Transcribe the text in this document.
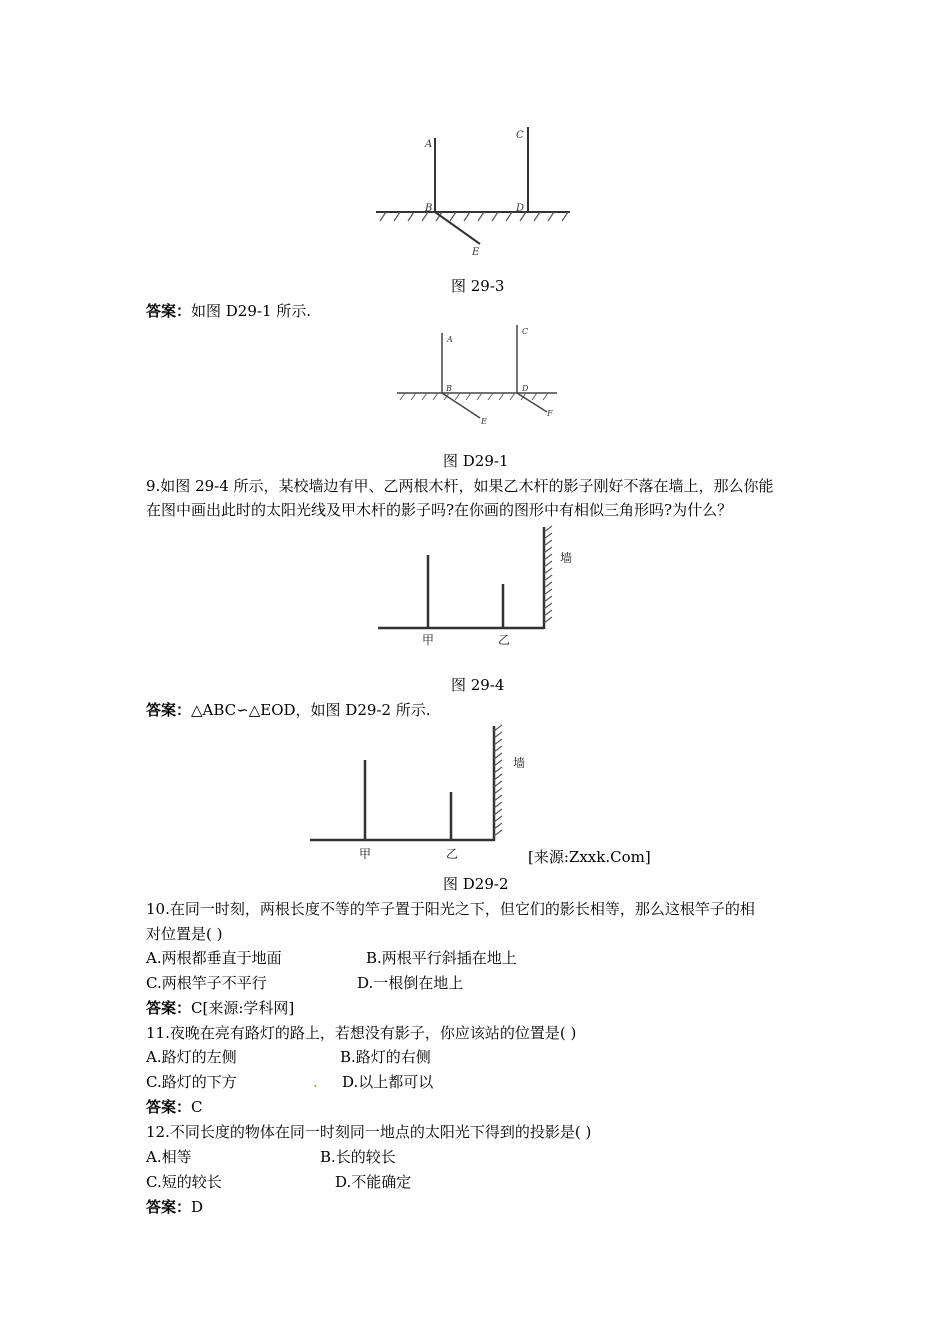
A
B
C
D
E
图 29-3
答案：如图 D29-1 所示.
A
B
C
D
E
F
图 D29-1
9.如图 29-4 所示，某校墙边有甲、乙两根木杆，如果乙木杆的影子刚好不落在墙上，那么你能
在图中画出此时的太阳光线及甲木杆的影子吗?在你画的图形中有相似三角形吗?为什么？
墙
甲	乙
图 29-4
答案：△ABC∽△EOD，如图 D29-2 所示.
墙
甲	乙	[来源:Zxxk.Com]
图 D29-2
10.在同一时刻，两根长度不等的竿子置于阳光之下，但它们的影长相等，那么这根竿子的相
对位置是( )
A.两根都垂直于地面	B.两根平行斜插在地上
C.两根竿子不平行	D.一根倒在地上
答案：C[来源:学科网]
11.夜晚在亮有路灯的路上，若想没有影子，你应该站的位置是( )
A.路灯的左侧	B.路灯的右侧
C.路灯的下方	. D.以上都可以
答案：C
12.不同长度的物体在同一时刻同一地点的太阳光下得到的投影是( )
A.相等	B.长的较长
C.短的较长	D.不能确定
答案：D
